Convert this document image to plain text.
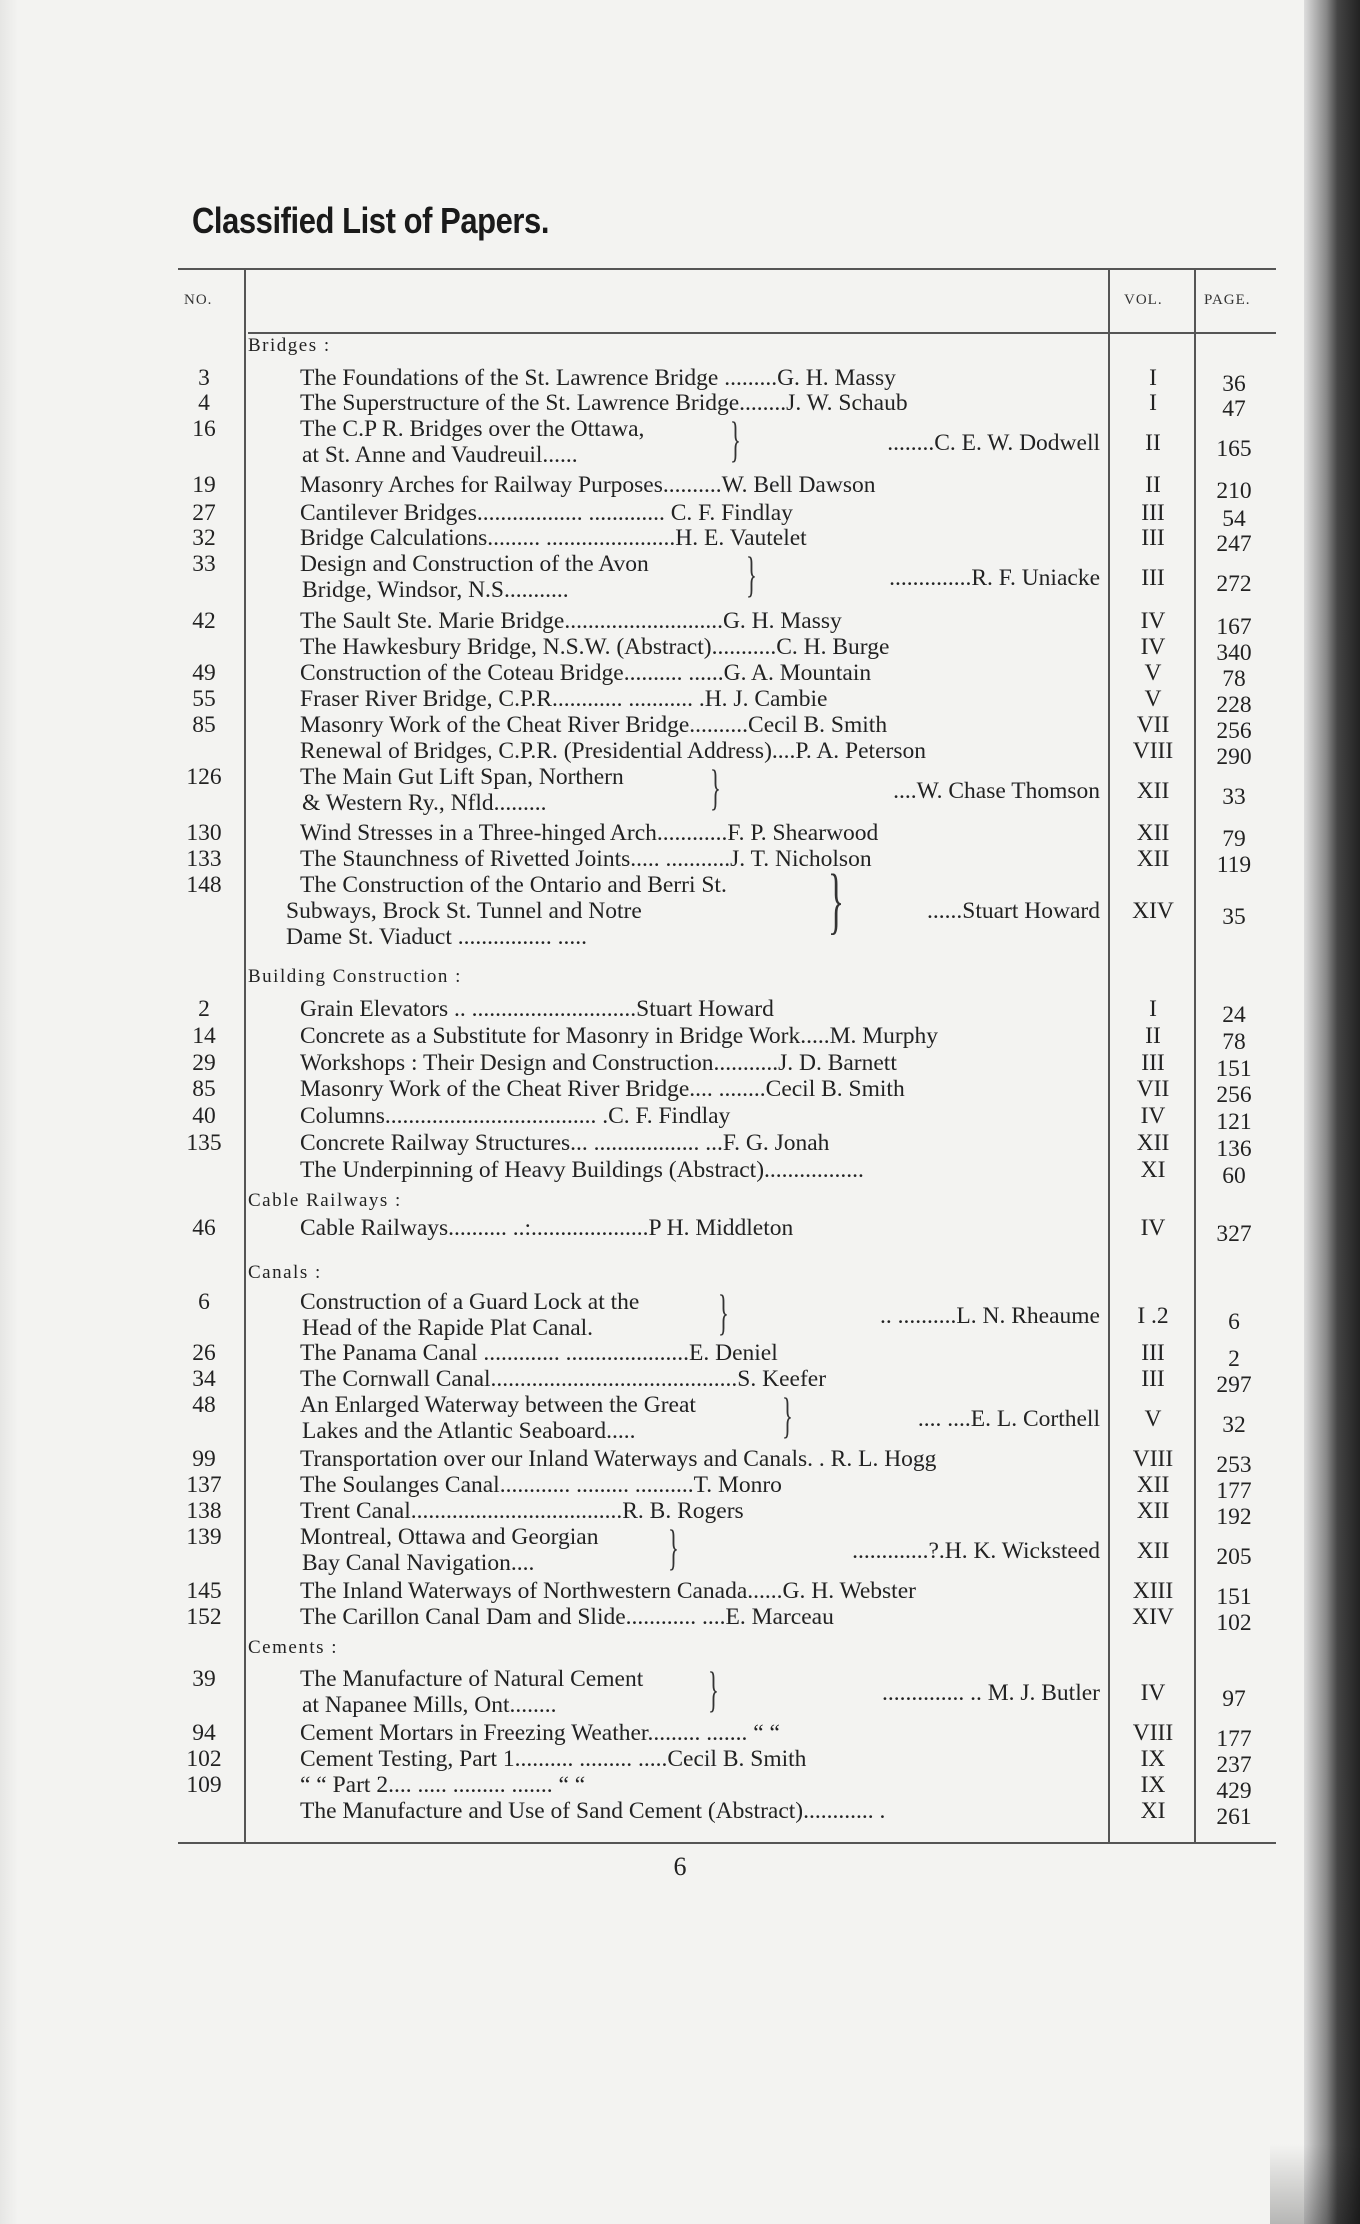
Classified List of Papers.
NO.	VOL.	PAGE.
Bridges :
Building Construction :
Cable Railways :
Canals :
Cements :
3	The Foundations of the St. Lawrence Bridge .........G. H. Massy	I	36
4	The Superstructure of the St. Lawrence Bridge........J. W. Schaub	I	47
16	The C.P R. Bridges over the Ottawa,
at St. Anne and Vaudreuil......	}	........C. E. W. Dodwell	II	165
19	Masonry Arches for Railway Purposes..........W. Bell Dawson	II	210
27	Cantilever Bridges.................. ............. C. F. Findlay	III	54
32	Bridge Calculations......... ......................H. E. Vautelet	III	247
33	Design and Construction of the Avon
Bridge, Windsor, N.S...........	}	..............R. F. Uniacke	III	272
42	The Sault Ste. Marie Bridge...........................G. H. Massy	IV	167
The Hawkesbury Bridge, N.S.W. (Abstract)...........C. H. Burge	IV	340
49	Construction of the Coteau Bridge.......... ......G. A. Mountain	V	78
55	Fraser River Bridge, C.P.R............ ........... .H. J. Cambie	V	228
85	Masonry Work of the Cheat River Bridge..........Cecil B. Smith	VII	256
Renewal of Bridges, C.P.R. (Presidential Address)....P. A. Peterson	VIII	290
126	The Main Gut Lift Span, Northern
& Western Ry., Nfld.........	}	....W. Chase Thomson	XII	33
130	Wind Stresses in a Three-hinged Arch............F. P. Shearwood	XII	79
133	The Staunchness of Rivetted Joints..... ...........J. T. Nicholson	XII	119
148	The Construction of the Ontario and Berri St.
Subways, Brock St. Tunnel and Notre
Dame St. Viaduct ................ .....	}	......Stuart Howard	XIV	35
2	Grain Elevators .. ............................Stuart Howard	I	24
14	Concrete as a Substitute for Masonry in Bridge Work.....M. Murphy	II	78
29	Workshops : Their Design and Construction...........J. D. Barnett	III	151
85	Masonry Work of the Cheat River Bridge.... ........Cecil B. Smith	VII	256
40	Columns.................................... .C. F. Findlay	IV	121
135	Concrete Railway Structures... .................. ...F. G. Jonah	XII	136
The Underpinning of Heavy Buildings (Abstract).................	XI	60
46	Cable Railways.......... ..:....................P H. Middleton	IV	327
6	Construction of a Guard Lock at the
Head of the Rapide Plat Canal.	}	.. ..........L. N. Rheaume	I .2	6
26	The Panama Canal ............. .....................E. Deniel	III	2
34	The Cornwall Canal..........................................S. Keefer	III	297
48	An Enlarged Waterway between the Great
Lakes and the Atlantic Seaboard.....	}	.... ....E. L. Corthell	V	32
99	Transportation over our Inland Waterways and Canals. . R. L. Hogg	VIII	253
137	The Soulanges Canal............ ......... ..........T. Monro	XII	177
138	Trent Canal....................................R. B. Rogers	XII	192
139	Montreal, Ottawa and Georgian
Bay Canal Navigation....	}	.............?.H. K. Wicksteed	XII	205
145	The Inland Waterways of Northwestern Canada......G. H. Webster	XIII	151
152	The Carillon Canal Dam and Slide............ ....E. Marceau	XIV	102
39	The Manufacture of Natural Cement
at Napanee Mills, Ont........	}	.............. .. M. J. Butler	IV	97
94	Cement Mortars in Freezing Weather......... ....... “ “	VIII	177
102	Cement Testing, Part 1.......... ......... .....Cecil B. Smith	IX	237
109	“ “ Part 2.... ..... ......... ....... “ “	IX	429
The Manufacture and Use of Sand Cement (Abstract)............ .	XI	261
6
